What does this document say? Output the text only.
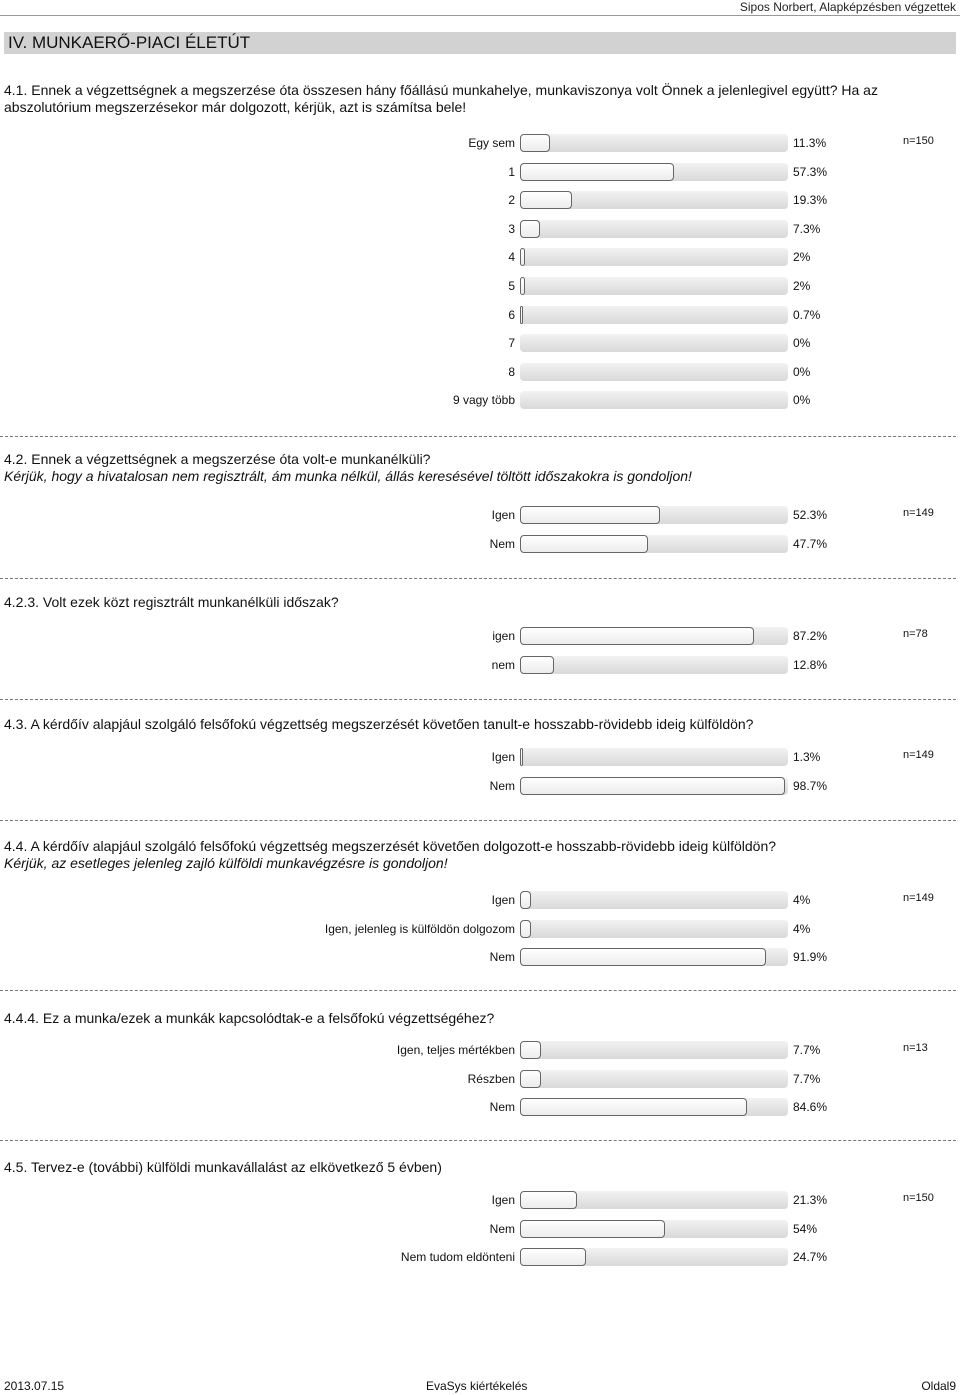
Sipos Norbert, Alapképzésben végzettek
IV. MUNKAERŐ-PIACI ÉLETÚT
4.1. Ennek a végzettségnek a megszerzése óta összesen hány főállású munkahelye, munkaviszonya volt Önnek a jelenlegivel együtt? Ha az abszolutórium megszerzésekor már dolgozott, kérjük, azt is számítsa bele!
n=150
Egy sem	11.3%
1	57.3%
2	19.3%
3	7.3%
4	2%
5	2%
6	0.7%
7	0%
8	0%
9 vagy több	0%
4.2. Ennek a végzettségnek a megszerzése óta volt-e munkanélküli?
Kérjük, hogy a hivatalosan nem regisztrált, ám munka nélkül, állás keresésével töltött időszakokra is gondoljon!
n=149
Igen	52.3%
Nem	47.7%
4.2.3. Volt ezek közt regisztrált munkanélküli időszak?
n=78
igen	87.2%
nem	12.8%
4.3. A kérdőív alapjául szolgáló felsőfokú végzettség megszerzését követően tanult-e hosszabb-rövidebb ideig külföldön?
n=149
Igen	1.3%
Nem	98.7%
4.4. A kérdőív alapjául szolgáló felsőfokú végzettség megszerzését követően dolgozott-e hosszabb-rövidebb ideig külföldön?
Kérjük, az esetleges jelenleg zajló külföldi munkavégzésre is gondoljon!
n=149
Igen	4%
Igen, jelenleg is külföldön dolgozom	4%
Nem	91.9%
4.4.4. Ez a munka/ezek a munkák kapcsolódtak-e a felsőfokú végzettségéhez?
n=13
Igen, teljes mértékben	7.7%
Részben	7.7%
Nem	84.6%
4.5. Tervez-e (további) külföldi munkavállalást az elkövetkező 5 évben)
n=150
Igen	21.3%
Nem	54%
Nem tudom eldönteni	24.7%
2013.07.15	EvaSys kiértékelés	Oldal9
